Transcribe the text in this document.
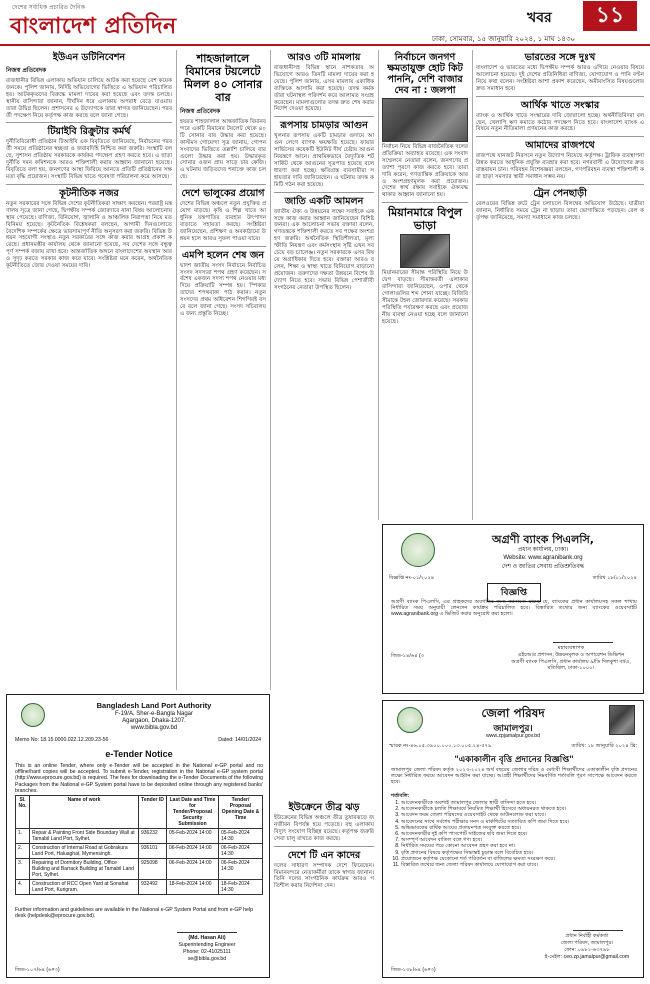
দেশের সর্বাধিক প্রচারিত দৈনিক
বাংলাদেশ প্রতিদিন	খবর	১১
ঢাকা, সোমবার, ১৫ জানুয়ারি ২০২৪, ১ মাঘ ১৪৩০
ইউএন ডটিনিবেশন
নিজস্ব প্রতিবেদক

রাজধানীর বিভিন্ন এলাকায় অভিযান চালিয়ে আটক করা হয়েছে বেশ কয়েকজনকে। পুলিশ জানায়, নির্দিষ্ট অভিযোগের ভিত্তিতে এ অভিযান পরিচালিত হয়। আটককৃতদের বিরুদ্ধে মামলা দায়ের করা হয়েছে এবং তদন্ত চলছে। স্থানীয় বাসিন্দারা জানান, দীর্ঘদিন ধরে এলাকায় অপরাধ বেড়ে যাওয়ায় তারা উদ্বিগ্ন ছিলেন। প্রশাসনের এ উদ্যোগকে তারা স্বাগত জানিয়েছেন। পরবর্তী পদক্ষেপ নিয়ে কর্তৃপক্ষ কাজ করছে বলে জানা গেছে।

টিয়াইবি রিক্রুটার কর্মর্থ

দুর্নীতিবিরোধী প্রতিষ্ঠান টিআইবি এক বিবৃতিতে জানিয়েছে, নির্বাচনের পরবর্তী সময়ে প্রতিষ্ঠানের স্বচ্ছতা ও জবাবদিহি নিশ্চিত করা জরুরি। সংস্থাটি বলছে, সুশাসন প্রতিষ্ঠায় সরকারকে কার্যকর পদক্ষেপ গ্রহণ করতে হবে। এ ছাড়া দুর্নীতি দমন কমিশনকে আরও শক্তিশালী করার আহ্বান জানানো হয়েছে। বিবৃতিতে বলা হয়, জনগণের আস্থা ফিরিয়ে আনতে প্রতিটি প্রতিষ্ঠানের সক্ষমতা বৃদ্ধি প্রয়োজন। সংস্থাটি বিভিন্ন খাতে গবেষণা পরিচালনা করে আসছে।

কূটনীতিক নজর

নতুন সরকারের সঙ্গে বিভিন্ন দেশের কূটনীতিকরা সাক্ষাৎ করছেন। পররাষ্ট্র মন্ত্রণালয় সূত্রে জানা গেছে, দ্বিপক্ষীয় সম্পর্ক জোরদারে নানা বিষয় আলোচনায় স্থান পেয়েছে। বাণিজ্য, বিনিয়োগ, জ্বালানি ও আঞ্চলিক নিরাপত্তা নিয়ে মতবিনিময় হয়েছে। কূটনৈতিক বিশ্লেষকরা বলছেন, আগামী দিনগুলোতে বৈদেশিক সম্পর্কের ক্ষেত্রে ভারসাম্যপূর্ণ নীতি অনুসরণ করা জরুরি। বিভিন্ন উন্নয়ন সহযোগী সংস্থাও নতুন সরকারের সঙ্গে কাজ করার আগ্রহ প্রকাশ করেছে। প্রধানমন্ত্রীর কার্যালয় থেকে জানানো হয়েছে, সব দেশের সঙ্গে বন্ধুত্বপূর্ণ সম্পর্ক বজায় রাখা হবে। আন্তর্জাতিক অঙ্গনে বাংলাদেশের অবস্থান আরও সুদৃঢ় করতে সরকার কাজ করে যাবে। সংশ্লিষ্টরা মনে করেন, অর্থনৈতিক কূটনীতিতে জোর দেওয়া সময়ের দাবি।

শাহজালালে বিমানের টয়লেটে মিলল ৪০ সোনার বার
নিজস্ব প্রতিবেদক

হযরত শাহজালাল আন্তর্জাতিক বিমানবন্দরে একটি বিমানের টয়লেট থেকে ৪০টি সোনার বার উদ্ধার করা হয়েছে। কাস্টমস গোয়েন্দা সূত্র জানায়, গোপন সংবাদের ভিত্তিতে তল্লাশি চালিয়ে বারগুলো উদ্ধার করা হয়। উদ্ধারকৃত সোনার ওজন প্রায় সাড়ে চার কেজি। এ ঘটনায় জড়িতদের শনাক্তে কাজ চলছে।

দেশে ভালুকের প্রয়োগ

দেশের বিভিন্ন অঞ্চলে নতুন প্রযুক্তির প্রয়োগ বাড়ছে। কৃষি ও শিল্প খাতে আধুনিক যন্ত্রপাতির ব্যবহার উৎপাদন বাড়াতে সহায়তা করছে। সংশ্লিষ্টরা জানিয়েছেন, প্রশিক্ষণ ও অবকাঠামো উন্নয়ন হলে আরও সুফল পাওয়া যাবে।

এমপি হলেন শেষ জন

দ্বাদশ জাতীয় সংসদ নির্বাচনে নির্বাচিত সংসদ সদস্যরা শপথ গ্রহণ করেছেন। সর্বশেষ একজন সদস্য শপথ নেওয়ার মধ্য দিয়ে প্রক্রিয়াটি সম্পন্ন হয়। স্পিকার তাদের শপথবাক্য পাঠ করান। নতুন সংসদের প্রথম অধিবেশন শিগগিরই বসবে বলে জানা গেছে। সংসদ সচিবালয় এ জন্য প্রস্তুতি নিচ্ছে।

আরও ৩টি মামলায়

রাজধানীসহ বিভিন্ন স্থানে নাশকতার অভিযোগে আরও তিনটি মামলা দায়ের করা হয়েছে। পুলিশ জানায়, এসব মামলায় একাধিক ব্যক্তিকে আসামি করা হয়েছে। তদন্ত কর্মকর্তারা ঘটনাস্থল পরিদর্শন করে আলামত সংগ্রহ করেছেন। মামলাগুলোর তদন্ত দ্রুত শেষ করার নির্দেশ দেওয়া হয়েছে।

রূপসায় চামড়ার আগুন

খুলনার রূপসায় একটি চামড়ার গুদামে আগুন লেগে ব্যাপক ক্ষয়ক্ষতি হয়েছে। ফায়ার সার্ভিসের কয়েকটি ইউনিট দীর্ঘ চেষ্টায় আগুন নিয়ন্ত্রণে আনে। প্রাথমিকভাবে বৈদ্যুতিক শর্টসার্কিট থেকে আগুনের সূত্রপাত হয়েছে বলে ধারণা করা হচ্ছে। ক্ষতিগ্রস্ত ব্যবসায়ীরা সহায়তার দাবি জানিয়েছেন। এ ঘটনায় তদন্ত কমিটি গঠন করা হয়েছে।

জাতি একটি আমলন

জাতীয় ঐক্য ও উন্নয়নের লক্ষ্যে সবাইকে একসঙ্গে কাজ করার আহ্বান জানিয়েছেন বিশিষ্টজনরা। এক আলোচনা সভায় বক্তারা বলেন, গণতন্ত্রকে শক্তিশালী করতে সব পক্ষের অংশগ্রহণ জরুরি। অর্থনৈতিক স্থিতিশীলতা, মূল্যস্ফীতি নিয়ন্ত্রণ এবং কর্মসংস্থান সৃষ্টি এখন সবচেয়ে বড় চ্যালেঞ্জ। নতুন সরকারকে এসব বিষয়ে অগ্রাধিকার দিতে হবে। বক্তারা আরও বলেন, শিক্ষা ও স্বাস্থ্য খাতে বিনিয়োগ বাড়ানো প্রয়োজন। তরুণদের দক্ষতা উন্নয়নে বিশেষ উদ্যোগ নিতে হবে। সভায় বিভিন্ন পেশাজীবী সংগঠনের নেতারা উপস্থিত ছিলেন।

নির্বাচনে জনগণ ক্ষমতায়ুক্ত হোট কিট পাননি, দেশি বাজার দেব না : জলপা

নির্বাচন নিয়ে বিভিন্ন রাজনৈতিক দলের প্রতিক্রিয়া অব্যাহত রয়েছে। এক সংবাদ সম্মেলনে নেতারা বলেন, জনগণের প্রত্যাশা পূরণে কাজ করতে হবে। তারা দাবি করেন, গণতান্ত্রিক প্রক্রিয়াকে আরও অংশগ্রহণমূলক করা প্রয়োজন। দেশের স্বার্থ রক্ষায় সবাইকে ঐক্যবদ্ধ থাকার আহ্বান জানানো হয়।

মিয়ানমারে বিপুল ভাড়া

মিয়ানমারের সীমান্ত পরিস্থিতি নিয়ে উদ্বেগ বাড়ছে। সীমান্তবর্তী এলাকার বাসিন্দারা জানিয়েছেন, ওপার থেকে গোলাগুলির শব্দ শোনা যাচ্ছে। বিজিবি সীমান্তে টহল জোরদার করেছে। সরকার পরিস্থিতি পর্যবেক্ষণ করছে এবং প্রয়োজনীয় ব্যবস্থা নেওয়া হচ্ছে বলে জানানো হয়েছে।

ভারতের সঙ্গে দুঃখ

বাংলাদেশ ও ভারতের মধ্যে দ্বিপক্ষীয় সম্পর্ক আরও এগিয়ে নেওয়ার বিষয়ে আলোচনা হয়েছে। দুই দেশের প্রতিনিধিরা বাণিজ্য, যোগাযোগ ও পানি বণ্টন নিয়ে কথা বলেন। সংশ্লিষ্টরা আশা প্রকাশ করেছেন, অমীমাংসিত বিষয়গুলোর দ্রুত সমাধান হবে।

আর্থিক খাতে সংস্কার

ব্যাংক ও আর্থিক খাতে সংস্কারের দাবি জোরালো হচ্ছে। অর্থনীতিবিদরা বলছেন, খেলাপি ঋণ কমাতে কঠোর পদক্ষেপ নিতে হবে। বাংলাদেশ ব্যাংক এ বিষয়ে নতুন নীতিমালা প্রণয়নের কাজ করছে।

আমাদের রাজপথে

রাজপথে যানজট নিরসনে নতুন উদ্যোগ নিয়েছে কর্তৃপক্ষ। ট্রাফিক ব্যবস্থাপনা উন্নত করতে আধুনিক প্রযুক্তি ব্যবহার করা হবে। নগরবাসী এ উদ্যোগের দ্রুত বাস্তবায়ন চান। পরিবহন বিশেষজ্ঞরা বলছেন, গণপরিবহন ব্যবস্থা শক্তিশালী করা ছাড়া সমস্যার স্থায়ী সমাধান সম্ভব নয়।

ট্রেন পেনছাড়ী

রেলওয়ের বিভিন্ন রুটে ট্রেন চলাচলে বিলম্বের অভিযোগ উঠেছে। যাত্রীরা জানান, নির্ধারিত সময়ে ট্রেন না ছাড়ায় তারা ভোগান্তিতে পড়ছেন। রেল কর্তৃপক্ষ জানিয়েছে, সমস্যা সমাধানে কাজ চলছে।

অগ্রণী ব্যাংক পিএলসি,
প্রধান কার্যালয়, ঢাকা।
Website: www.agranibank.org
দেশ ও জাতির সেবায় প্রতিশ্রুতিবদ্ধ
বিজ্ঞপ্তি নং-০১/২০২৪	তারিখ ১৮/০১/২০২৪
বিজ্ঞপ্তি

অগ্রণী ব্যাংক পিএলসি, এর গ্রাহকদের অবগতির জন্য জানানো যাচ্ছে যে, ব্যাংকের প্রধান কার্যালয়সহ সকল শাখায় নির্ধারিত সময় অনুযায়ী লেনদেন কার্যক্রম পরিচালিত হবে। বিস্তারিত তথ্যের জন্য ব্যাংকের ওয়েবসাইট www.agranibank.org এ ভিজিট করার অনুরোধ করা হলো।

মহাব্যবস্থাপক
এইচআর প্রশাসন, উন্নয়নমূলক ও অপারেশন ডিভিশন
অগ্রণী ব্যাংক পিএলসি, প্রধান কার্যালয় ৯/ডি দিলকুশা বা/এ, মতিঝিল, ঢাকা-১০০০।
জিড-১৪/৬৪ (৩
ইউক্রেনে তীব্র ঝড়

ইউক্রেনের বিভিন্ন অঞ্চলে তীব্র তুষারঝড়ে জনজীবন বিপর্যস্ত হয়ে পড়েছে। বহু এলাকায় বিদ্যুৎ সংযোগ বিচ্ছিন্ন রয়েছে। কর্তৃপক্ষ জরুরি সেবা চালু রাখতে কাজ করছে।

দেশে টি এন কাদের

দলের সাধারণ সম্পাদক দেশে ফিরেছেন। বিমানবন্দরে নেতাকর্মীরা তাকে স্বাগত জানান। তিনি দলের সাংগঠনিক কার্যক্রম আরও গতিশীল করার নির্দেশনা দেন।

Bangladesh Land Port Authority
F-19/A, Sher-e-Bangla Nagar
Agargaon, Dhaka-1207.
www.bibla.gov.bd
Memo No: 18.15.0000.022.12.209.23-56	Dated: 14/01/2024
e-Tender Notice

This is an online Tender, where only e-Tender will be accepted in the National e-GP portal and no offline/hard copies will be accepted. To submit e-Tender, registration in the National e-GP system portal (http://www.eprocure.gov.bd) is required. The fees for downloading the e-Tender Documents of the following Packages from the National e-GP System portal have to be deposited online through any registered banks' branches.

Sl. No.	Name of work	Tender ID	Last Date and Time for Tender/Proposal Security Submission	Tender/ Proposal Opening Date & Time
1.	Repair & Painting Front Side Boundary Wall at Tamabil Land Port, Sylhet.	936232	05-Feb-2024 14:00	05-Feb-2024 14:30
2.	Construction of Internal Road at Gobrakura Land Port, Haluaghat, Mymensingh.	936101	06-Feb-2024 14:00	06-Feb-2024 14:30
3.	Repairing of Dormitory Building, Office Building and Barrack Building at Tamabil Land Port, Sylhet.	925098	06-Feb-2024 14:00	06-Feb-2024 14:30
4.	Construction of RCC Open Yard at Sonahat Land Port, Kurigram.	932492	18-Feb-2024 14:00	18-Feb-2024 14:30

Further information and guidelines are available in the National e-GP System Portal and from e-GP help desk (helpdesk@eprocure.gov.bd).

(Md. Hasan Ali)
Superintending Engineer
Phone: 02-41025111
se@bibla.gov.bd
জিড-১০৭/৬৪ (৬×৩)
জেলা পরিষদ
জামালপুর।
www.zpjamalpur.gov.bd
স্মারক নং-৪৬.০৫.৩৯০০.০০০.১৩.০০৫.২৪-৫৭৯	তারিখ: ১৮ জানুয়ারি ২০২৪ খ্রি:
"একাকালীন বৃত্তি প্রদানের বিজ্ঞপ্তি"

জামালপুর জেলা পরিষদ কর্তৃক ২০২৩-২০২৪ অর্থ বছরের জেলার দরিদ্র ও মেধাবী শিক্ষার্থীদের একাকালীন বৃত্তি প্রদানের লক্ষ্যে নির্ধারিত ফরমে আবেদন আহ্বান করা যাচ্ছে। আগ্রহী শিক্ষার্থীদের নিম্নবর্ণিত শর্তাবলি পূরণ সাপেক্ষে আবেদন করতে হবে।

শর্তাবলি:
1. আবেদনকারীকে অবশ্যই জামালপুর জেলার স্থায়ী বাসিন্দা হতে হবে।
2. আবেদনকারীকে চলতি শিক্ষাবর্ষে নিয়মিত শিক্ষার্থী হিসেবে অধ্যয়নরত থাকতে হবে।
3. আবেদন ফরম জেলা পরিষদের ওয়েবসাইট থেকে ডাউনলোড করা যাবে।
4. আবেদনের সাথে সর্বশেষ পরীক্ষার সনদ ও মার্কশিটের সত্যায়িত কপি জমা দিতে হবে।
5. অভিভাবকের বার্ষিক আয়ের প্রত্যয়নপত্র সংযুক্ত করতে হবে।
6. আবেদনকারীর দুই কপি পাসপোর্ট সাইজের ছবি জমা দিতে হবে।
7. অসম্পূর্ণ আবেদন বাতিল বলে গণ্য হবে।
8. নির্ধারিত সময়ের পরে কোনো আবেদন গ্রহণ করা হবে না।
9. বৃত্তি প্রদানের বিষয়ে কর্তৃপক্ষের সিদ্ধান্তই চূড়ান্ত বলে বিবেচিত হবে।
10. প্রয়োজনে কর্তৃপক্ষ যেকোনো শর্ত পরিবর্তন বা বাতিলের ক্ষমতা সংরক্ষণ করে।
11. বিস্তারিত তথ্যের জন্য জেলা পরিষদ কার্যালয়ে যোগাযোগ করা যাবে।
প্রধান নির্বাহী কর্মকর্তা
জেলা পরিষদ, জামালপুর।
ফোন: ০৯৮১-৬৩৭৯৮
ই-মেইল: ceo.zp.jamalpur@gmail.com
জিড-১৩৮/৬৪ (৬×৩)
